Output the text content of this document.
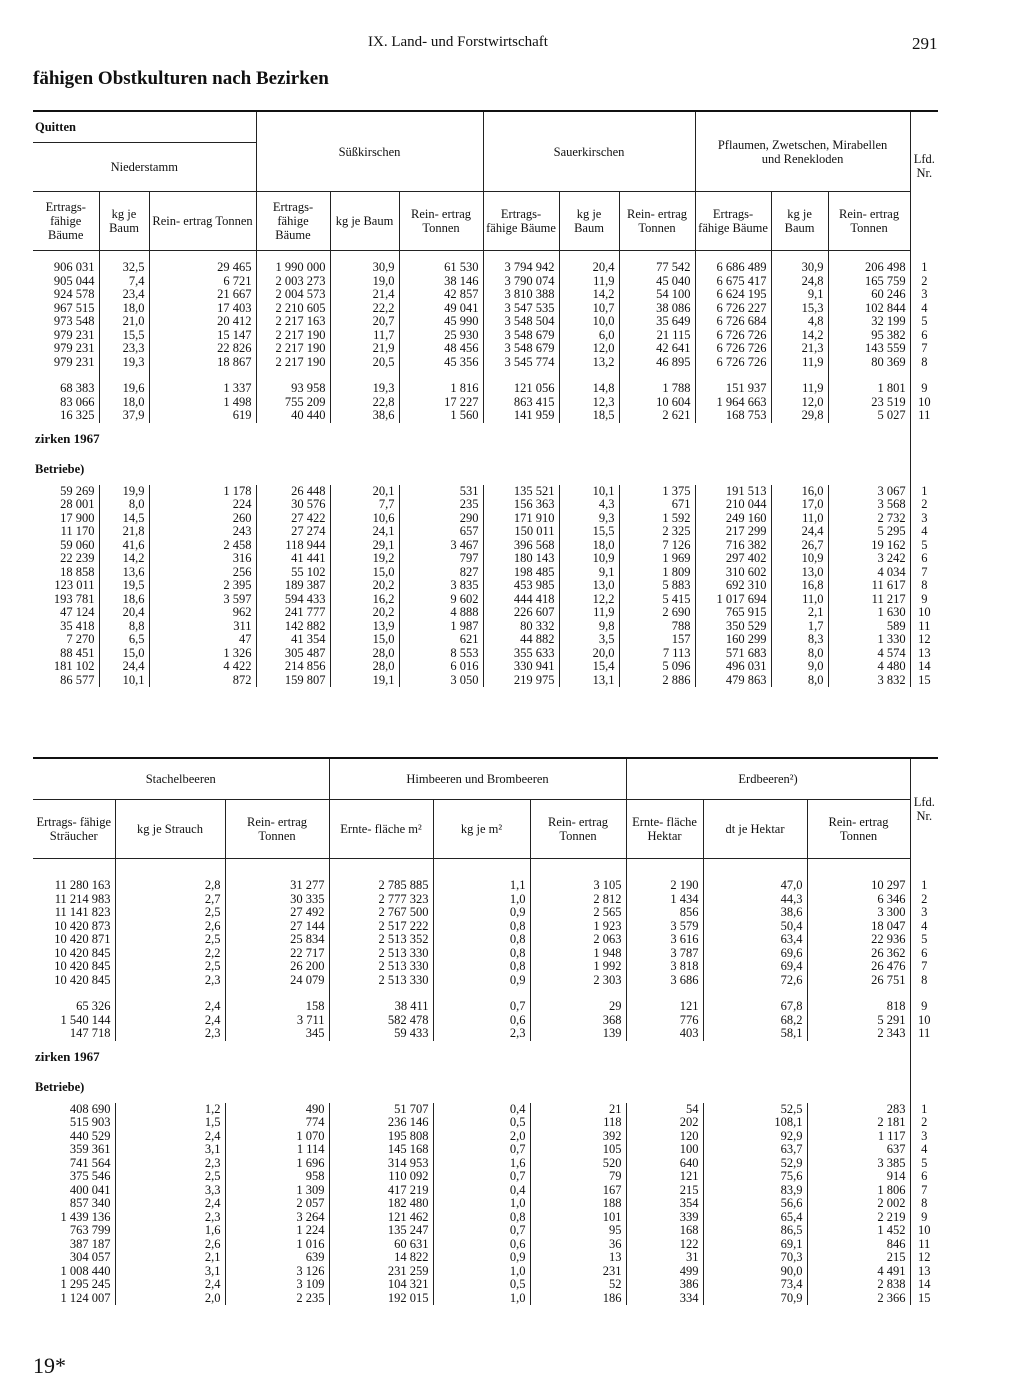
IX. Land- und Forstwirtschaft	291
fähigen Obstkulturen nach Bezirken
Quitten			Süßkirschen			Sauerkirschen			Pflaumen, Zwetschen, Mirabellen und Renekloden			Lfd. Nr.
Niederstamm												
Ertrags- fähige Bäume	kg je Baum	Rein- ertrag Tonnen	Ertrags- fähige Bäume	kg je Baum	Rein- ertrag Tonnen	Ertrags- fähige Bäume	kg je Baum	Rein- ertrag Tonnen	Ertrags- fähige Bäume	kg je Baum	Rein- ertrag Tonnen	

906 031	32,5	29 465	1 990 000	30,9	61 530	3 794 942	20,4	77 542	6 686 489	30,9	206 498	1
905 044	7,4	6 721	2 003 273	19,0	38 146	3 790 074	11,9	45 040	6 675 417	24,8	165 759	2
924 578	23,4	21 667	2 004 573	21,4	42 857	3 810 388	14,2	54 100	6 624 195	9,1	60 246	3
967 515	18,0	17 403	2 210 605	22,2	49 041	3 547 535	10,7	38 086	6 726 227	15,3	102 844	4
973 548	21,0	20 412	2 217 163	20,7	45 990	3 548 504	10,0	35 649	6 726 684	4,8	32 199	5
979 231	15,5	15 147	2 217 190	11,7	25 930	3 548 679	6,0	21 115	6 726 726	14,2	95 382	6
979 231	23,3	22 826	2 217 190	21,9	48 456	3 548 679	12,0	42 641	6 726 726	21,3	143 559	7
979 231	19,3	18 867	2 217 190	20,5	45 356	3 545 774	13,2	46 895	6 726 726	11,9	80 369	8

68 383	19,6	1 337	93 958	19,3	1 816	121 056	14,8	1 788	151 937	11,9	1 801	9
83 066	18,0	1 498	755 209	22,8	17 227	863 415	12,3	10 604	1 964 663	12,0	23 519	10
16 325	37,9	619	40 440	38,6	1 560	141 959	18,5	2 621	168 753	29,8	5 027	11
zirken 1967												
Betriebe)												
59 269	19,9	1 178	26 448	20,1	531	135 521	10,1	1 375	191 513	16,0	3 067	1
28 001	8,0	224	30 576	7,7	235	156 363	4,3	671	210 044	17,0	3 568	2
17 900	14,5	260	27 422	10,6	290	171 910	9,3	1 592	249 160	11,0	2 732	3
11 170	21,8	243	27 274	24,1	657	150 011	15,5	2 325	217 299	24,4	5 295	4
59 060	41,6	2 458	118 944	29,1	3 467	396 568	18,0	7 126	716 382	26,7	19 162	5
22 239	14,2	316	41 441	19,2	797	180 143	10,9	1 969	297 402	10,9	3 242	6
18 858	13,6	256	55 102	15,0	827	198 485	9,1	1 809	310 602	13,0	4 034	7
123 011	19,5	2 395	189 387	20,2	3 835	453 985	13,0	5 883	692 310	16,8	11 617	8
193 781	18,6	3 597	594 433	16,2	9 602	444 418	12,2	5 415	1 017 694	11,0	11 217	9
47 124	20,4	962	241 777	20,2	4 888	226 607	11,9	2 690	765 915	2,1	1 630	10
35 418	8,8	311	142 882	13,9	1 987	80 332	9,8	788	350 529	1,7	589	11
7 270	6,5	47	41 354	15,0	621	44 882	3,5	157	160 299	8,3	1 330	12
88 451	15,0	1 326	305 487	28,0	8 553	355 633	20,0	7 113	571 683	8,0	4 574	13
181 102	24,4	4 422	214 856	28,0	6 016	330 941	15,4	5 096	496 031	9,0	4 480	14
86 577	10,1	872	159 807	19,1	3 050	219 975	13,1	2 886	479 863	8,0	3 832	15
Stachelbeeren			Himbeeren und Brombeeren			Erdbeeren²)			Lfd. Nr.
Ertrags- fähige Sträucher	kg je Strauch	Rein- ertrag Tonnen	Ernte- fläche m²	kg je m²	Rein- ertrag Tonnen	Ernte- fläche Hektar	dt je Hektar	Rein- ertrag Tonnen	

11 280 163	2,8	31 277	2 785 885	1,1	3 105	2 190	47,0	10 297	1
11 214 983	2,7	30 335	2 777 323	1,0	2 812	1 434	44,3	6 346	2
11 141 823	2,5	27 492	2 767 500	0,9	2 565	856	38,6	3 300	3
10 420 873	2,6	27 144	2 517 222	0,8	1 923	3 579	50,4	18 047	4
10 420 871	2,5	25 834	2 513 352	0,8	2 063	3 616	63,4	22 936	5
10 420 845	2,2	22 717	2 513 330	0,8	1 948	3 787	69,6	26 362	6
10 420 845	2,5	26 200	2 513 330	0,8	1 992	3 818	69,4	26 476	7
10 420 845	2,3	24 079	2 513 330	0,9	2 303	3 686	72,6	26 751	8

65 326	2,4	158	38 411	0,7	29	121	67,8	818	9
1 540 144	2,4	3 711	582 478	0,6	368	776	68,2	5 291	10
147 718	2,3	345	59 433	2,3	139	403	58,1	2 343	11
zirken 1967									
Betriebe)									
408 690	1,2	490	51 707	0,4	21	54	52,5	283	1
515 903	1,5	774	236 146	0,5	118	202	108,1	2 181	2
440 529	2,4	1 070	195 808	2,0	392	120	92,9	1 117	3
359 361	3,1	1 114	145 168	0,7	105	100	63,7	637	4
741 564	2,3	1 696	314 953	1,6	520	640	52,9	3 385	5
375 546	2,5	958	110 092	0,7	79	121	75,6	914	6
400 041	3,3	1 309	417 219	0,4	167	215	83,9	1 806	7
857 340	2,4	2 057	182 480	1,0	188	354	56,6	2 002	8
1 439 136	2,3	3 264	121 462	0,8	101	339	65,4	2 219	9
763 799	1,6	1 224	135 247	0,7	95	168	86,5	1 452	10
387 187	2,6	1 016	60 631	0,6	36	122	69,1	846	11
304 057	2,1	639	14 822	0,9	13	31	70,3	215	12
1 008 440	3,1	3 126	231 259	1,0	231	499	90,0	4 491	13
1 295 245	2,4	3 109	104 321	0,5	52	386	73,4	2 838	14
1 124 007	2,0	2 235	192 015	1,0	186	334	70,9	2 366	15
19*
